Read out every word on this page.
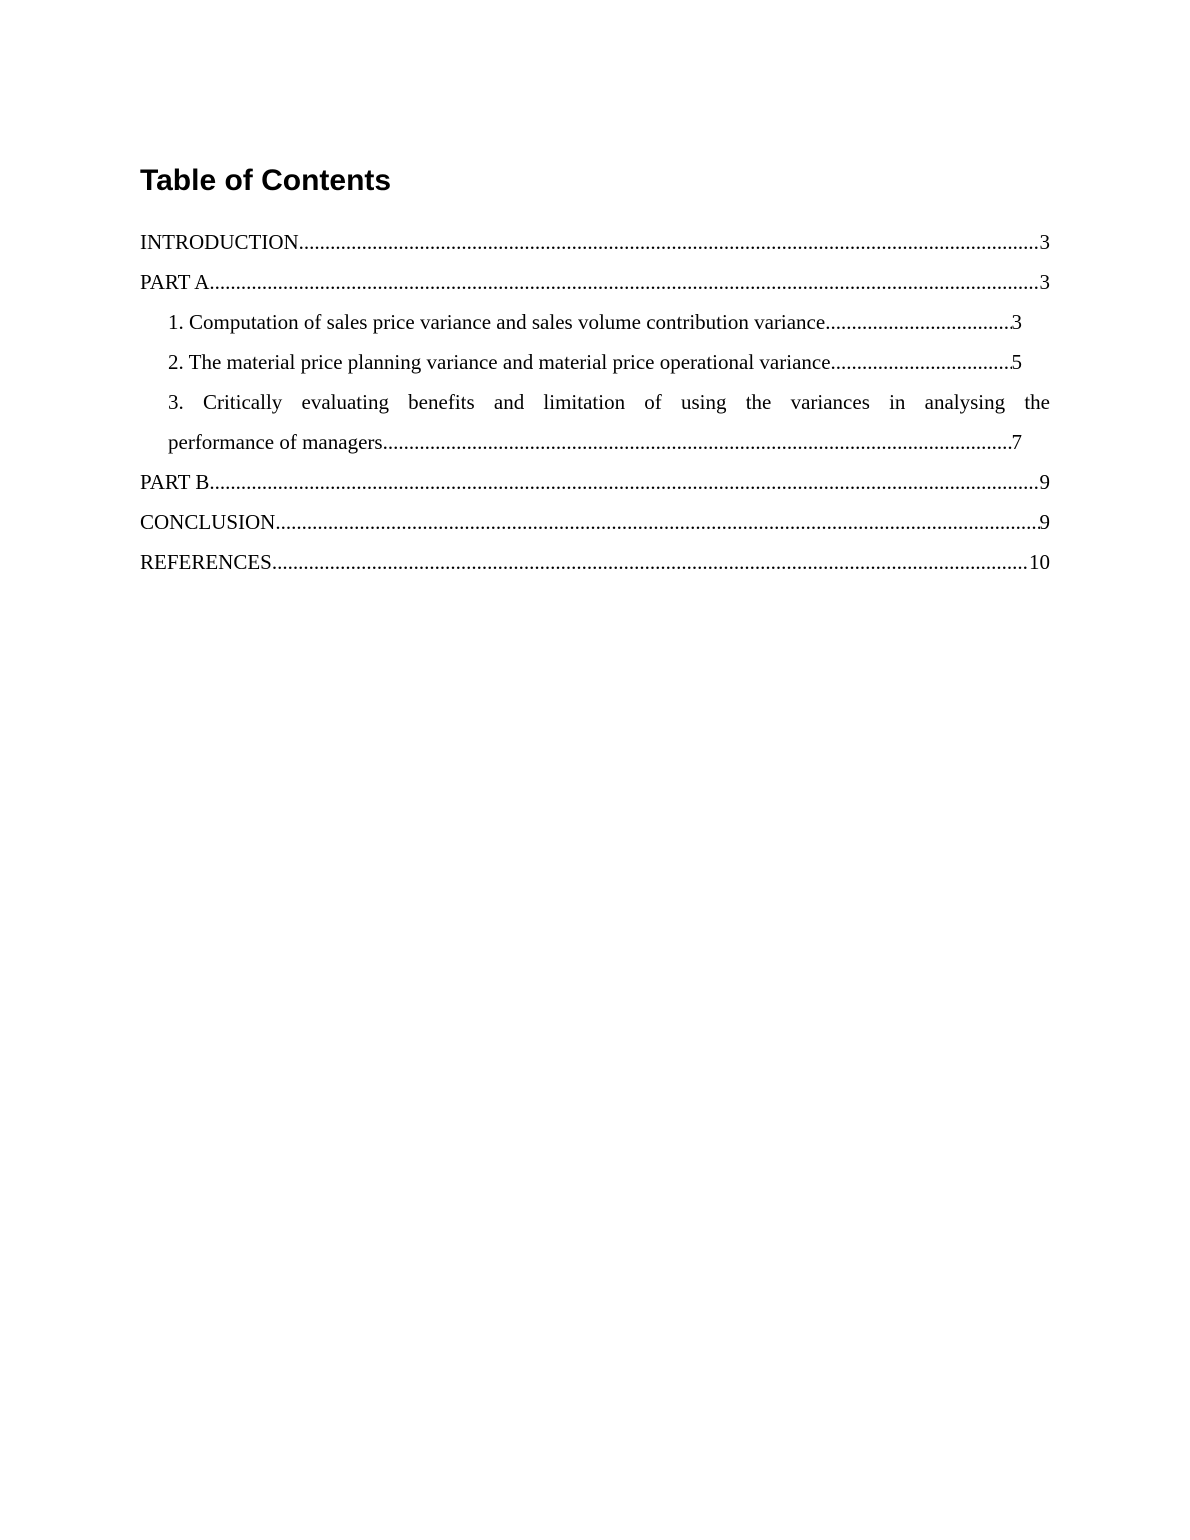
Table of Contents
INTRODUCTION .....	3
PART A .....	3
1. Computation of sales price variance and sales volume contribution variance .....	3
2. The material price planning variance and material price operational variance .....	5
3. Critically evaluating benefits and limitation of using the variances in analysing the
performance of managers .....	7
PART B .....	9
CONCLUSION .....	9
REFERENCES .....	10
